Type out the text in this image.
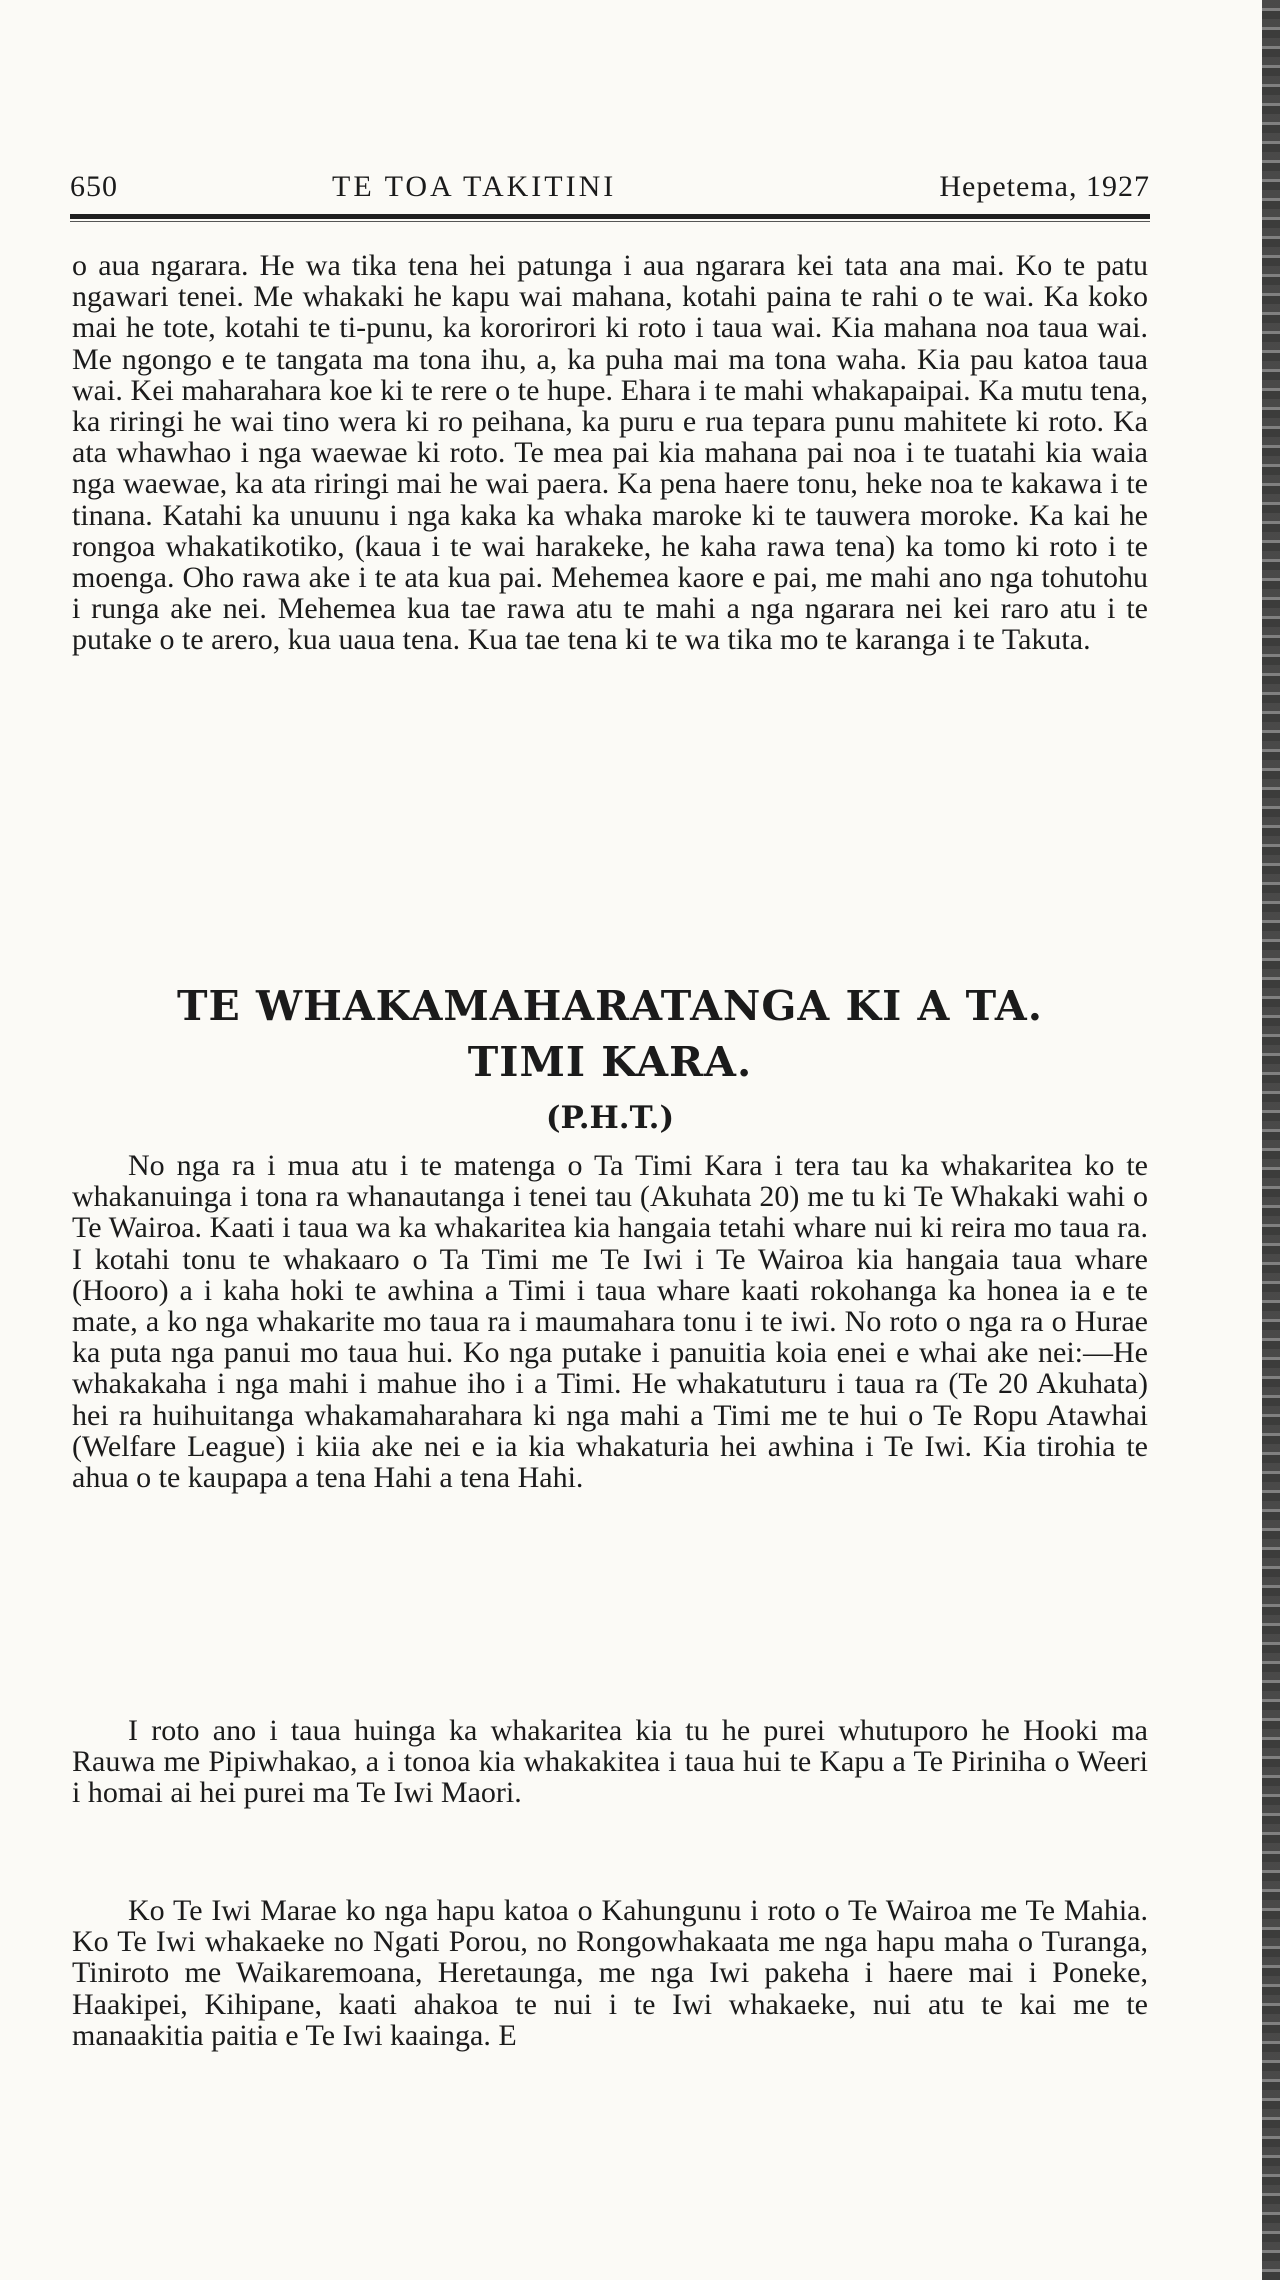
650	TE TOA TAKITINI	Hepetema, 1927

o aua ngarara. He wa tika tena hei patunga i aua ngarara kei tata ana mai. Ko te patu ngawari tenei. Me whakaki he kapu wai mahana, kotahi paina te rahi o te wai. Ka koko mai he tote, kotahi te ti-punu, ka kororirori ki roto i taua wai. Kia mahana noa taua wai. Me ngongo e te tangata ma tona ihu, a, ka puha mai ma tona waha. Kia pau katoa taua wai. Kei maharahara koe ki te rere o te hupe. Ehara i te mahi whakapaipai. Ka mutu tena, ka riringi he wai tino wera ki ro peihana, ka puru e rua tepara punu mahitete ki roto. Ka ata whawhao i nga waewae ki roto. Te mea pai kia mahana pai noa i te tuatahi kia waia nga waewae, ka ata riringi mai he wai paera. Ka pena haere tonu, heke noa te kakawa i te tinana. Katahi ka unuunu i nga kaka ka whaka maroke ki te tauwera moroke. Ka kai he rongoa whakatikotiko, (kaua i te wai harakeke, he kaha rawa tena) ka tomo ki roto i te moenga. Oho rawa ake i te ata kua pai. Mehemea kaore e pai, me mahi ano nga tohutohu i runga ake nei. Mehemea kua tae rawa atu te mahi a nga ngarara nei kei raro atu i te putake o te arero, kua uaua tena. Kua tae tena ki te wa tika mo te karanga i te Takuta.

TE WHAKAMAHARATANGA KI A TA.
TIMI KARA.

(P.H.T.)

No nga ra i mua atu i te matenga o Ta Timi Kara i tera tau ka whakaritea ko te whakanuinga i tona ra whanautanga i tenei tau (Akuhata 20) me tu ki Te Whakaki wahi o Te Wairoa. Kaati i taua wa ka whakaritea kia hangaia tetahi whare nui ki reira mo taua ra. I kotahi tonu te whakaaro o Ta Timi me Te Iwi i Te Wairoa kia hangaia taua whare (Hooro) a i kaha hoki te awhina a Timi i taua whare kaati rokohanga ka honea ia e te mate, a ko nga whakarite mo taua ra i maumahara tonu i te iwi. No roto o nga ra o Hurae ka puta nga panui mo taua hui. Ko nga putake i panuitia koia enei e whai ake nei:—He whakakaha i nga mahi i mahue iho i a Timi. He whakatuturu i taua ra (Te 20 Akuhata) hei ra huihuitanga whakamaharahara ki nga mahi a Timi me te hui o Te Ropu Atawhai (Welfare League) i kiia ake nei e ia kia whakaturia hei awhina i Te Iwi. Kia tirohia te ahua o te kaupapa a tena Hahi a tena Hahi.

I roto ano i taua huinga ka whakaritea kia tu he purei whutuporo he Hooki ma Rauwa me Pipiwhakao, a i tonoa kia whakakitea i taua hui te Kapu a Te Piriniha o Weeri i homai ai hei purei ma Te Iwi Maori.

Ko Te Iwi Marae ko nga hapu katoa o Kahungunu i roto o Te Wairoa me Te Mahia. Ko Te Iwi whakaeke no Ngati Porou, no Rongowhakaata me nga hapu maha o Turanga, Tiniroto me Waikaremoana, Heretaunga, me nga Iwi pakeha i haere mai i Poneke, Haakipei, Kihipane, kaati ahakoa te nui i te Iwi whakaeke, nui atu te kai me te manaakitia paitia e Te Iwi kaainga. E
